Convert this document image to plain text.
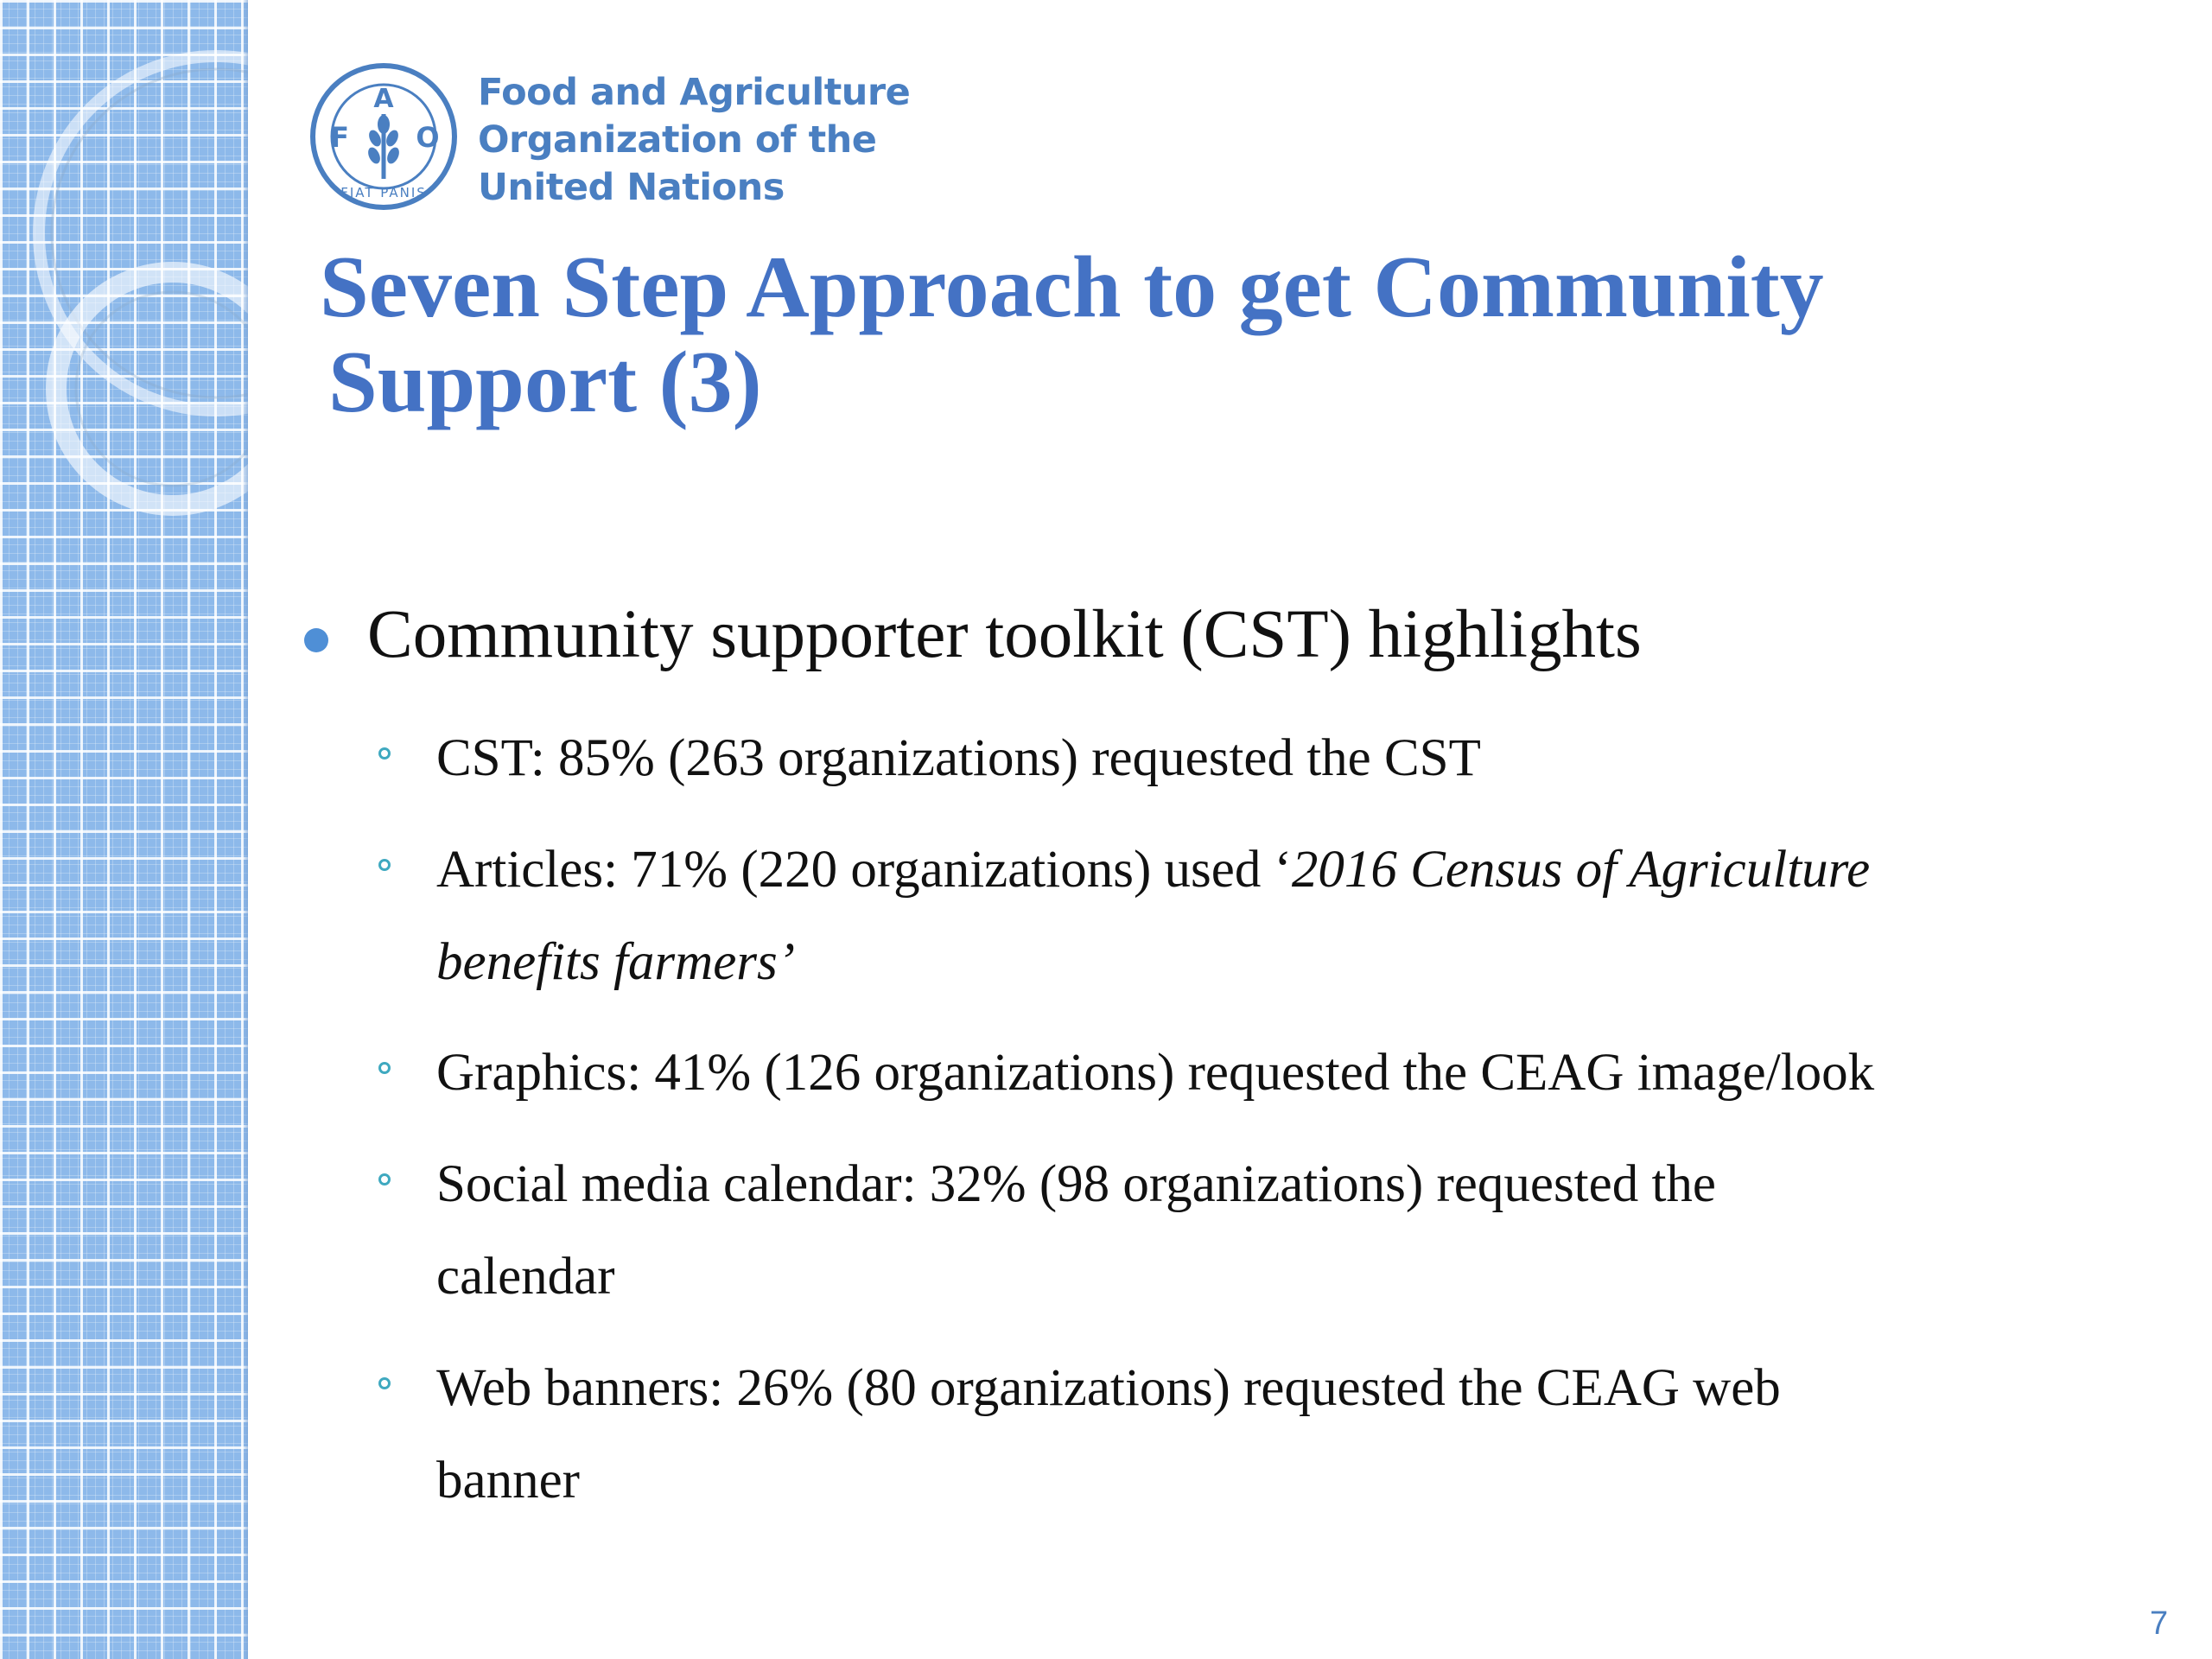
A
F O
FIAT PANIS
Food and Agriculture
Organization of the
United Nations
Seven Step Approach to get Community
Support (3)
Community supporter toolkit (CST) highlights
CST: 85% (263 organizations) requested the CST
Articles: 71% (220 organizations) used ‘2016 Census of Agriculture
benefits farmers’
Graphics: 41% (126 organizations) requested the CEAG image/look
Social media calendar: 32% (98 organizations) requested the
calendar
Web banners: 26% (80 organizations) requested the CEAG web
banner
7
